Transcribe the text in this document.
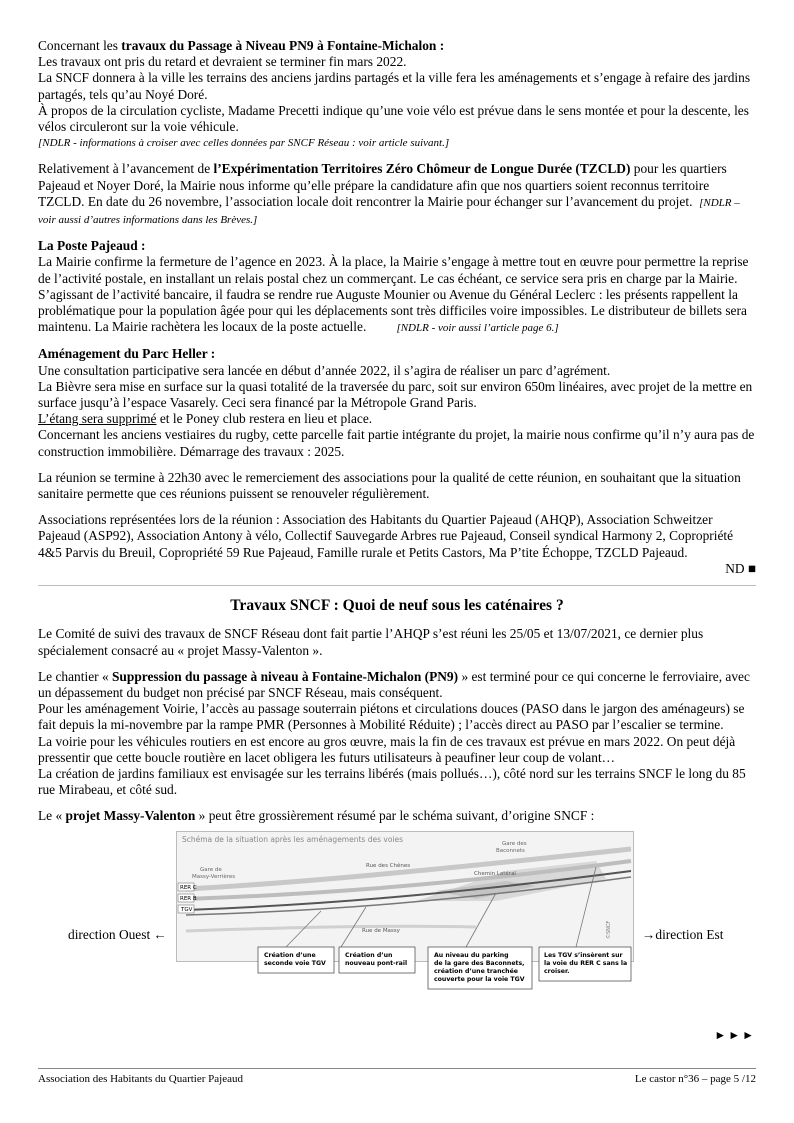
Concernant les travaux du Passage à Niveau PN9 à Fontaine-Michalon :

Les travaux ont pris du retard et devraient se terminer fin mars 2022.

La SNCF donnera à la ville les terrains des anciens jardins partagés et la ville fera les aménagements et s’engage à refaire des jardins partagés, tels qu’au Noyé Doré.

À propos de la circulation cycliste, Madame Precetti indique qu’une voie vélo est prévue dans le sens montée et pour la descente, les vélos circuleront sur la voie véhicule.

[NDLR - informations à croiser avec celles données par SNCF Réseau : voir article suivant.]

Relativement à l’avancement de l’Expérimentation Territoires Zéro Chômeur de Longue Durée (TZCLD) pour les quartiers Pajeaud et Noyer Doré, la Mairie nous informe qu’elle prépare la candidature afin que nos quartiers soient reconnus territoire TZCLD. En date du 26 novembre, l’association locale doit rencontrer la Mairie pour échanger sur l’avancement du projet. [NDLR – voir aussi d’autres informations dans les Brèves.]

La Poste Pajeaud :

La Mairie confirme la fermeture de l’agence en 2023. À la place, la Mairie s’engage à mettre tout en œuvre pour permettre la reprise de l’activité postale, en installant un relais postal chez un commerçant. Le cas échéant, ce service sera pris en charge par la Mairie. S’agissant de l’activité bancaire, il faudra se rendre rue Auguste Mounier ou Avenue du Général Leclerc : les présents rappellent la problématique pour la population âgée pour qui les déplacements sont très difficiles voire impossibles. Le distributeur de billets sera maintenu. La Mairie rachètera les locaux de la poste actuelle.	[NDLR - voir aussi l’article page 6.]

Aménagement du Parc Heller :

Une consultation participative sera lancée en début d’année 2022, il s’agira de réaliser un parc d’agrément.

La Bièvre sera mise en surface sur la quasi totalité de la traversée du parc, soit sur environ 650m linéaires, avec projet de la mettre en surface jusqu’à l’espace Vasarely. Ceci sera financé par la Métropole Grand Paris.

L’étang sera supprimé et le Poney club restera en lieu et place.

Concernant les anciens vestiaires du rugby, cette parcelle fait partie intégrante du projet, la mairie nous confirme qu’il n’y aura pas de construction immobilière. Démarrage des travaux : 2025.

La réunion se termine à 22h30 avec le remerciement des associations pour la qualité de cette réunion, en souhaitant que la situation sanitaire permette que ces réunions puissent se renouveler régulièrement.

Associations représentées lors de la réunion : Association des Habitants du Quartier Pajeaud (AHQP), Association Schweitzer Pajeaud (ASP92), Association Antony à vélo, Collectif Sauvegarde Arbres rue Pajeaud, Conseil syndical Harmony 2, Copropriété 4&5 Parvis du Breuil, Copropriété 59 Rue Pajeaud, Famille rurale et Petits Castors, Ma P’tite Échoppe, TZCLD Pajeaud.

ND ■

Travaux SNCF : Quoi de neuf sous les caténaires ?

Le Comité de suivi des travaux de SNCF Réseau dont fait partie l’AHQP s’est réuni les 25/05 et 13/07/2021, ce dernier plus spécialement consacré au « projet Massy-Valenton ».

Le chantier « Suppression du passage à niveau à Fontaine-Michalon (PN9) » est terminé pour ce qui concerne le ferroviaire, avec un dépassement du budget non précisé par SNCF Réseau, mais conséquent.

Pour les aménagement Voirie, l’accès au passage souterrain piétons et circulations douces (PASO dans le jargon des aménageurs) se fait depuis la mi-novembre par la rampe PMR (Personnes à Mobilité Réduite) ; l’accès direct au PASO par l’escalier se termine.

La voirie pour les véhicules routiers en est encore au gros œuvre, mais la fin de ces travaux est prévue en mars 2022. On peut déjà pressentir que cette boucle routière en lacet obligera les futurs utilisateurs à peaufiner leur coup de volant…

La création de jardins familiaux est envisagée sur les terrains libérés (mais pollués…), côté nord sur les terrains SNCF le long du 85 rue Mirabeau, et côté sud.

Le « projet Massy-Valenton » peut être grossièrement résumé par le schéma suivant, d’origine SNCF :

direction Ouest ←	→direction Est
Schéma de la situation après les aménagements des voies
RER C
RER B
TGV
Gare de
Massy-Verrières
Gare des
Baconnets
Rue des Chênes
Chemin Latéral
Rue de Massy	©SNCF
Création d’une seconde voie TGV
Création d’un nouveau pont-rail
Au niveau du parking de la gare des Baconnets, création d’une tranchée couverte pour la voie TGV
Les TGV s’insèrent sur la voie du RER C sans la croiser.
►►►
Association des Habitants du Quartier Pajeaud	Le castor n°36 – page 5 /12
